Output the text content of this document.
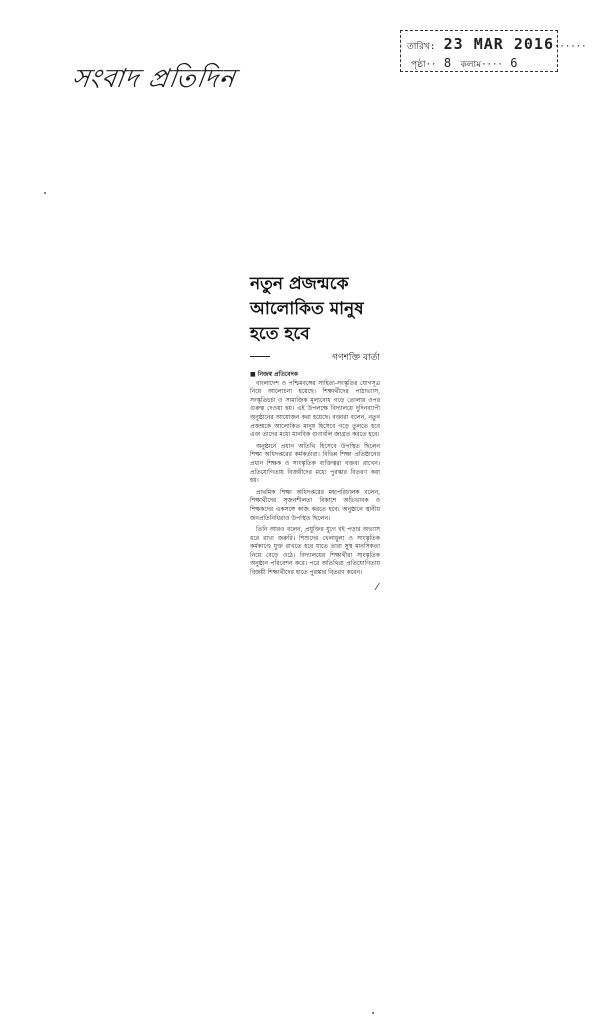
সংবাদ প্রতিদিন
তারিখ: 23 MAR 2016······
পৃষ্ঠা·· 8 কলাম···· 6
নতুন প্রজন্মকে আলোকিত মানুষ হতে হবে
গণশক্তি বার্তা
■ নিজস্ব প্রতিবেদক

বাংলাদেশ ও পশ্চিমবঙ্গের সাহিত্য-সংস্কৃতির যোগসূত্র নিয়ে আলোচনা হয়েছে। শিক্ষার্থীদের পাঠাভ্যাস, সংস্কৃতিচর্চা ও সামাজিক মূল্যবোধ গড়ে তোলার ওপর গুরুত্ব দেওয়া হয়। এই উপলক্ষে বিদ্যালয়ে দুদিনব্যাপী অনুষ্ঠানের আয়োজন করা হয়েছে। বক্তারা বলেন, নতুন প্রজন্মকে আলোকিত মানুষ হিসেবে গড়ে তুলতে হবে এবং তাদের মধ্যে মানবিক গুণাবলি জাগ্রত করতে হবে।

অনুষ্ঠানে প্রধান অতিথি হিসেবে উপস্থিত ছিলেন শিক্ষা অধিদপ্তরের কর্মকর্তারা। বিভিন্ন শিক্ষা প্রতিষ্ঠানের প্রধান শিক্ষক ও সাংস্কৃতিক ব্যক্তিত্বরা বক্তব্য রাখেন। প্রতিযোগিতায় বিজয়ীদের মধ্যে পুরস্কার বিতরণ করা হয়।

প্রাথমিক শিক্ষা অধিদপ্তরের মহাপরিচালক বলেন, শিক্ষার্থীদের সৃজনশীলতা বিকাশে অভিভাবক ও শিক্ষকদের একসঙ্গে কাজ করতে হবে। অনুষ্ঠানে স্থানীয় জনপ্রতিনিধিরাও উপস্থিত ছিলেন।

তিনি আরও বলেন, প্রযুক্তির যুগে বই পড়ার অভ্যাস ধরে রাখা জরুরি। শিশুদের খেলাধুলা ও সাংস্কৃতিক কর্মকাণ্ডে যুক্ত রাখতে হবে যাতে তারা সুস্থ মানসিকতা নিয়ে বেড়ে ওঠে। বিদ্যালয়ের শিক্ষার্থীরা সাংস্কৃতিক অনুষ্ঠান পরিবেশন করে। পরে অতিথিরা প্রতিযোগিতায় বিজয়ী শিক্ষার্থীদের হাতে পুরস্কার বিতরণ করেন।

⁄
